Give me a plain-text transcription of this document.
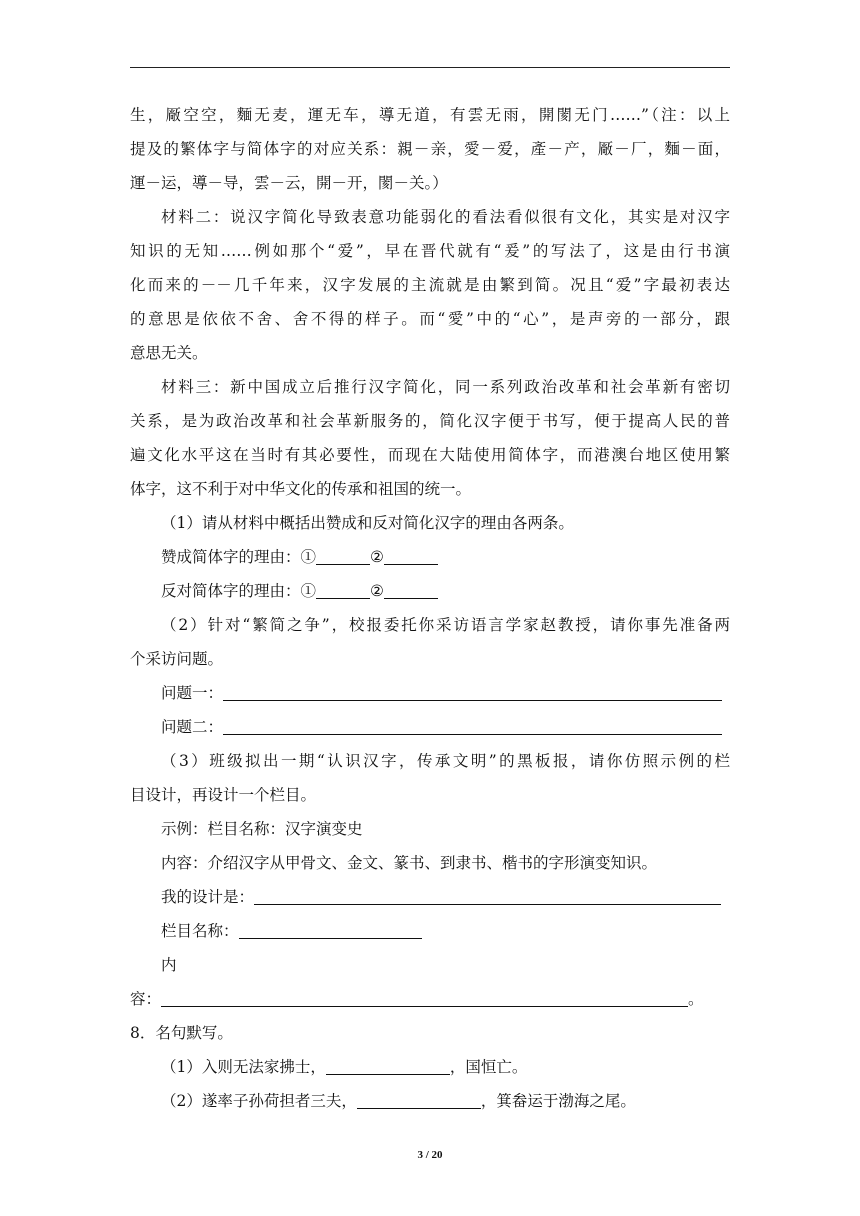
生，厰空空，麵无麦，運无车，導无道，有雲无雨，開閡无门……”（注：以上
提及的繁体字与简体字的对应关系：親－亲，愛－爱，產－产，厰－厂，麵－面，
運－运，導－导，雲－云，開－开，閡－关。）
材料二：说汉字简化导致表意功能弱化的看法看似很有文化，其实是对汉字
知识的无知……例如那个“爱”，早在晋代就有“爰”的写法了，这是由行书演
化而来的－－几千年来，汉字发展的主流就是由繁到简。况且“爱”字最初表达
的意思是依依不舍、舍不得的样子。而“愛”中的“心”，是声旁的一部分，跟
意思无关。
材料三：新中国成立后推行汉字简化，同一系列政治改革和社会革新有密切
关系，是为政治改革和社会革新服务的，简化汉字便于书写，便于提高人民的普
遍文化水平这在当时有其必要性，而现在大陆使用简体字，而港澳台地区使用繁
体字，这不利于对中华文化的传承和祖国的统一。
（1）请从材料中概括出赞成和反对简化汉字的理由各两条。
赞成简体字的理由：①	②
反对简体字的理由：①	②
（2）针对“繁简之争”，校报委托你采访语言学家赵教授，请你事先准备两
个采访问题。
问题一：
问题二：
（3）班级拟出一期“认识汉字，传承文明”的黑板报，请你仿照示例的栏
目设计，再设计一个栏目。
示例：栏目名称：汉字演变史
内容：介绍汉字从甲骨文、金文、篆书、到隶书、楷书的字形演变知识。
我的设计是：
栏目名称：
内
容：	。
8．名句默写。
（1）入则无法家拂士，	，国恒亡。
（2）遂率子孙荷担者三夫，	，箕畚运于渤海之尾。
3 / 20
